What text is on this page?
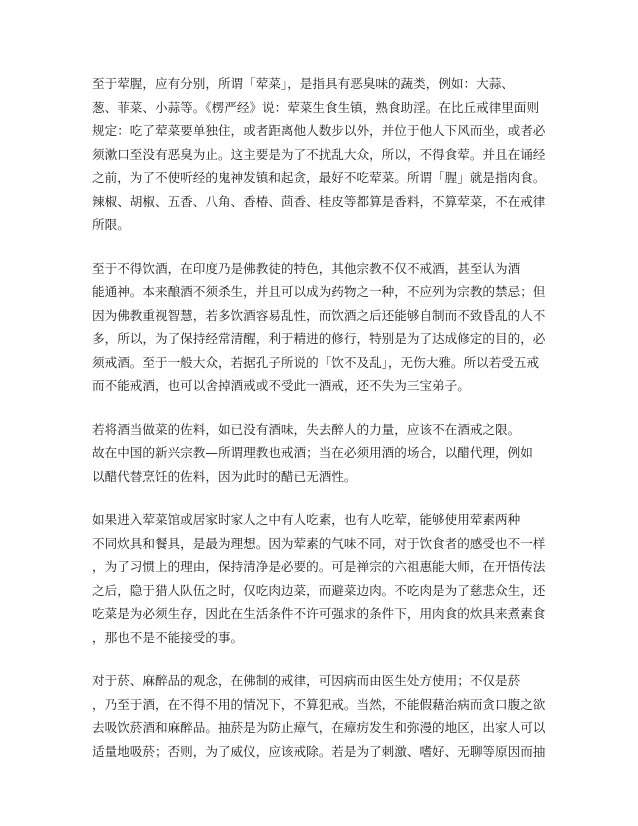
至于荤腥，应有分别，所谓「荤菜」，是指具有恶臭味的蔬类，例如：大蒜、
葱、菲菜、小蒜等。《楞严经》说：荤菜生食生镇，熟食助淫。在比丘戒律里面则
规定：吃了荤菜要单独住，或者距离他人数步以外，并位于他人下风而坐，或者必
须漱口至没有恶臭为止。这主要是为了不扰乱大众，所以，不得食荤。并且在诵经
之前，为了不使听经的鬼神发镇和起贪，最好不吃荤菜。所谓「腥」就是指肉食。
辣椒、胡椒、五香、八角、香椿、茴香、桂皮等都算是香料，不算荤菜，不在戒律
所限。
至于不得饮酒，在印度乃是佛教徒的特色，其他宗教不仅不戒酒，甚至认为酒
能通神。本来酿酒不须杀生，并且可以成为药物之一种，不应列为宗教的禁忌；但
因为佛教重视智慧，若多饮酒容易乱性，而饮酒之后还能够自制而不致昏乱的人不
多，所以，为了保持经常清醒，利于精进的修行，特别是为了达成修定的目的，必
须戒酒。至于一般大众，若据孔子所说的「饮不及乱」，无伤大雅。所以若受五戒
而不能戒酒，也可以舍掉酒戒或不受此一酒戒，还不失为三宝弟子。
若将酒当做菜的佐料，如已没有酒味，失去醉人的力量，应该不在酒戒之限。
故在中国的新兴宗教—所谓理教也戒酒；当在必须用酒的场合，以醋代理，例如
以醋代替烹饪的佐料，因为此时的醋已无酒性。
如果进入荤菜馆或居家时家人之中有人吃素，也有人吃荤，能够使用荤素两种
不同炊具和餐具，是最为理想。因为荤素的气味不同，对于饮食者的感受也不一样
，为了习惯上的理由，保持清净是必要的。可是禅宗的六祖惠能大师，在开悟传法
之后，隐于猎人队伍之时，仅吃肉边菜，而避菜边肉。不吃肉是为了慈悲众生，还
吃菜是为必须生存，因此在生活条件不许可强求的条件下，用肉食的炊具来煮素食
，那也不是不能接受的事。
对于菸、麻醉品的观念，在佛制的戒律，可因病而由医生处方使用；不仅是菸
，乃至于酒，在不得不用的情况下，不算犯戒。当然，不能假藉治病而贪口腹之欲
去吸饮菸酒和麻醉品。抽菸是为防止瘴气，在瘴疠发生和弥漫的地区，出家人可以
适量地吸菸；否则，为了威仪，应该戒除。若是为了刺激、嗜好、无聊等原因而抽
